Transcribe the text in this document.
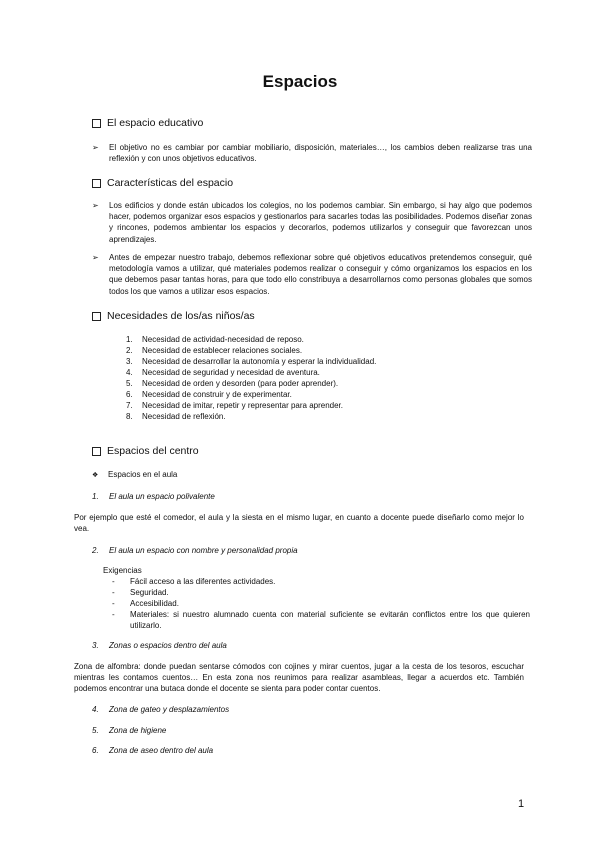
Espacios
El espacio educativo
➢ El objetivo no es cambiar por cambiar mobiliario, disposición, materiales…, los cambios deben realizarse tras una reflexión y con unos objetivos educativos.
Características del espacio
➢ Los edificios y donde están ubicados los colegios, no los podemos cambiar. Sin embargo, si hay algo que podemos hacer, podemos organizar esos espacios y gestionarlos para sacarles todas las posibilidades. Podemos diseñar zonas y rincones, podemos ambientar los espacios y decorarlos, podemos utilizarlos y conseguir que favorezcan unos aprendizajes.
➢ Antes de empezar nuestro trabajo, debemos reflexionar sobre qué objetivos educativos pretendemos conseguir, qué metodología vamos a utilizar, qué materiales podemos realizar o conseguir y cómo organizamos los espacios en los que debemos pasar tantas horas, para que todo ello constribuya a desarrollarnos como personas globales que somos todos los que vamos a utilizar esos espacios.
Necesidades de los/as niños/as
1.	Necesidad de actividad-necesidad de reposo.
2.	Necesidad de establecer relaciones sociales.
3.	Necesidad de desarrollar la autonomía y esperar la individualidad.
4.	Necesidad de seguridad y necesidad de aventura.
5.	Necesidad de orden y desorden (para poder aprender).
6.	Necesidad de construir y de experimentar.
7.	Necesidad de imitar, repetir y representar para aprender.
8.	Necesidad de reflexión.
Espacios del centro
❖ Espacios en el aula
1. El aula un espacio polivalente
Por ejemplo que esté el comedor, el aula y la siesta en el mismo lugar, en cuanto a docente puede diseñarlo como mejor lo vea.
2. El aula un espacio con nombre y personalidad propia
Exigencias
-	Fácil acceso a las diferentes actividades.
-	Seguridad.
-	Accesibilidad.
-	Materiales: si nuestro alumnado cuenta con material suficiente se evitarán conflictos entre los que quieren utilizarlo.
3. Zonas o espacios dentro del aula
Zona de alfombra: donde puedan sentarse cómodos con cojines y mirar cuentos, jugar a la cesta de los tesoros, escuchar mientras les contamos cuentos… En esta zona nos reunimos para realizar asambleas, llegar a acuerdos etc. También podemos encontrar una butaca donde el docente se sienta para poder contar cuentos.
4. Zona de gateo y desplazamientos
5. Zona de higiene
6. Zona de aseo dentro del aula
1
